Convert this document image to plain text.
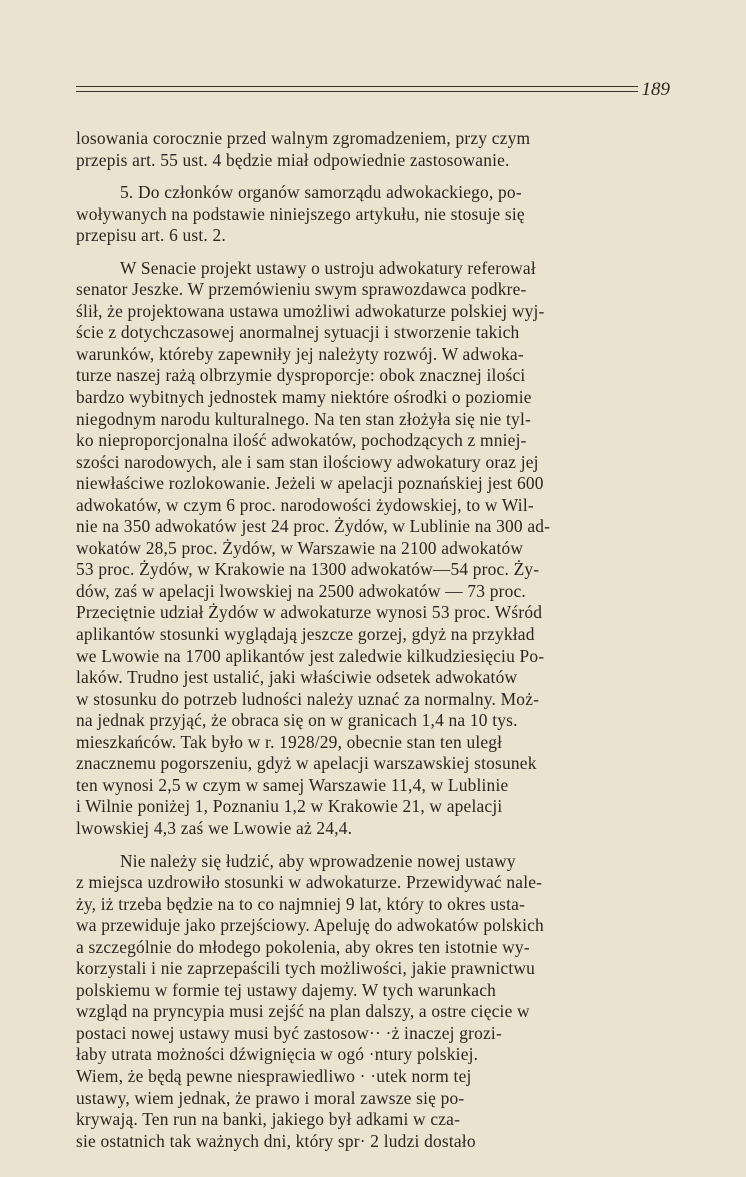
189
losowania corocznie przed walnym zgromadzeniem, przy czym
przepis art. 55 ust. 4 będzie miał odpowiednie zastosowanie.
5. Do członków organów samorządu adwokackiego, po-
woływanych na podstawie niniejszego artykułu, nie stosuje się
przepisu art. 6 ust. 2.
W Senacie projekt ustawy o ustroju adwokatury referował
senator Jeszke. W przemówieniu swym sprawozdawca podkre-
ślił, że projektowana ustawa umożliwi adwokaturze polskiej wyj-
ście z dotychczasowej anormalnej sytuacji i stworzenie takich
warunków, któreby zapewniły jej należyty rozwój. W adwoka-
turze naszej rażą olbrzymie dysproporcje: obok znacznej ilości
bardzo wybitnych jednostek mamy niektóre ośrodki o poziomie
niegodnym narodu kulturalnego. Na ten stan złożyła się nie tyl-
ko nieproporcjonalna ilość adwokatów, pochodzących z mniej-
szości narodowych, ale i sam stan ilościowy adwokatury oraz jej
niewłaściwe rozlokowanie. Jeżeli w apelacji poznańskiej jest 600
adwokatów, w czym 6 proc. narodowości żydowskiej, to w Wil-
nie na 350 adwokatów jest 24 proc. Żydów, w Lublinie na 300 ad-
wokatów 28,5 proc. Żydów, w Warszawie na 2100 adwokatów
53 proc. Żydów, w Krakowie na 1300 adwokatów—54 proc. Ży-
dów, zaś w apelacji lwowskiej na 2500 adwokatów — 73 proc.
Przeciętnie udział Żydów w adwokaturze wynosi 53 proc. Wśród
aplikantów stosunki wyglądają jeszcze gorzej, gdyż na przykład
we Lwowie na 1700 aplikantów jest zaledwie kilkudziesięciu Po-
laków. Trudno jest ustalić, jaki właściwie odsetek adwokatów
w stosunku do potrzeb ludności należy uznać za normalny. Moż-
na jednak przyjąć, że obraca się on w granicach 1,4 na 10 tys.
mieszkańców. Tak było w r. 1928/29, obecnie stan ten uległ
znacznemu pogorszeniu, gdyż w apelacji warszawskiej stosunek
ten wynosi 2,5 w czym w samej Warszawie 11,4, w Lublinie
i Wilnie poniżej 1, Poznaniu 1,2 w Krakowie 21, w apelacji
lwowskiej 4,3 zaś we Lwowie aż 24,4.
Nie należy się łudzić, aby wprowadzenie nowej ustawy
z miejsca uzdrowiło stosunki w adwokaturze. Przewidywać nale-
ży, iż trzeba będzie na to co najmniej 9 lat, który to okres usta-
wa przewiduje jako przejściowy. Apeluję do adwokatów polskich
a szczególnie do młodego pokolenia, aby okres ten istotnie wy-
korzystali i nie zaprzepaścili tych możliwości, jakie prawnictwu
polskiemu w formie tej ustawy dajemy. W tych warunkach
wzgląd na pryncypia musi zejść na plan dalszy, a ostre cięcie w
postaci nowej ustawy musi być zastosow·· ·ż inaczej grozi-
łaby utrata możności dźwignięcia w ogó ·ntury polskiej.
Wiem, że będą pewne niesprawiedliwo · ·utek norm tej
ustawy, wiem jednak, że prawo i moral zawsze się po-
krywają. Ten run na banki, jakiego był adkami w cza-
sie ostatnich tak ważnych dni, który spr· 2 ludzi dostało
